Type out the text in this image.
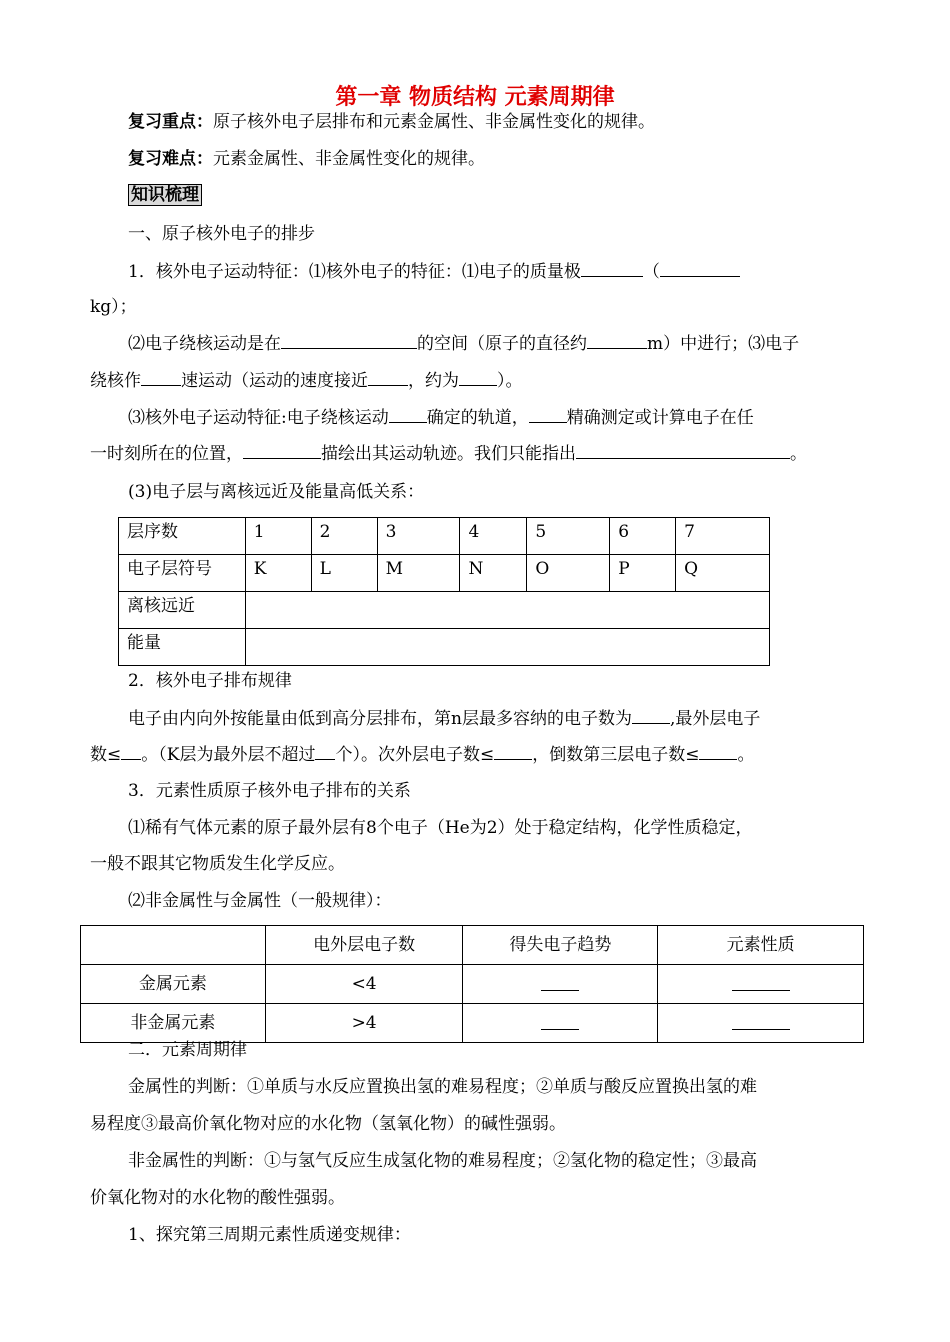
第一章 物质结构 元素周期律
复习重点：原子核外电子层排布和元素金属性、非金属性变化的规律。
复习难点：元素金属性、非金属性变化的规律。
知识梳理
一、原子核外电子的排步
1．核外电子运动特征：⑴核外电子的特征：⑴电子的质量极	（
kg）；
⑵电子绕核运动是在	的空间（原子的直径约	m）中进行；⑶电子
绕核作 速运动（运动的速度接近 ，约为 ）。
⑶核外电子运动特征:电子绕核运动 确定的轨道， 精确测定或计算电子在任
一时刻所在的位置，	描绘出其运动轨迹。我们只能指出	。
(3)电子层与离核远近及能量高低关系：
层序数	1	2	3	4	5	6	7
电子层符号	K	L	M	N	O	P	Q
离核远近							
能量							
2．核外电子排布规律
电子由内向外按能量由低到高分层排布，第n层最多容纳的电子数为 ,最外层电子
数≤ 。（K层为最外层不超过 个）。次外层电子数≤ ，倒数第三层电子数≤ 。
3．元素性质原子核外电子排布的关系
⑴稀有气体元素的原子最外层有8个电子（He为2）处于稳定结构，化学性质稳定，
一般不跟其它物质发生化学反应。
⑵非金属性与金属性（一般规律）：
	电外层电子数	得失电子趋势	元素性质
金属元素	<4		
非金属元素	>4		
二．元素周期律
金属性的判断：①单质与水反应置换出氢的难易程度；②单质与酸反应置换出氢的难
易程度③最高价氧化物对应的水化物（氢氧化物）的碱性强弱。
非金属性的判断：①与氢气反应生成氢化物的难易程度；②氢化物的稳定性；③最高
价氧化物对的水化物的酸性强弱。
1、探究第三周期元素性质递变规律：
